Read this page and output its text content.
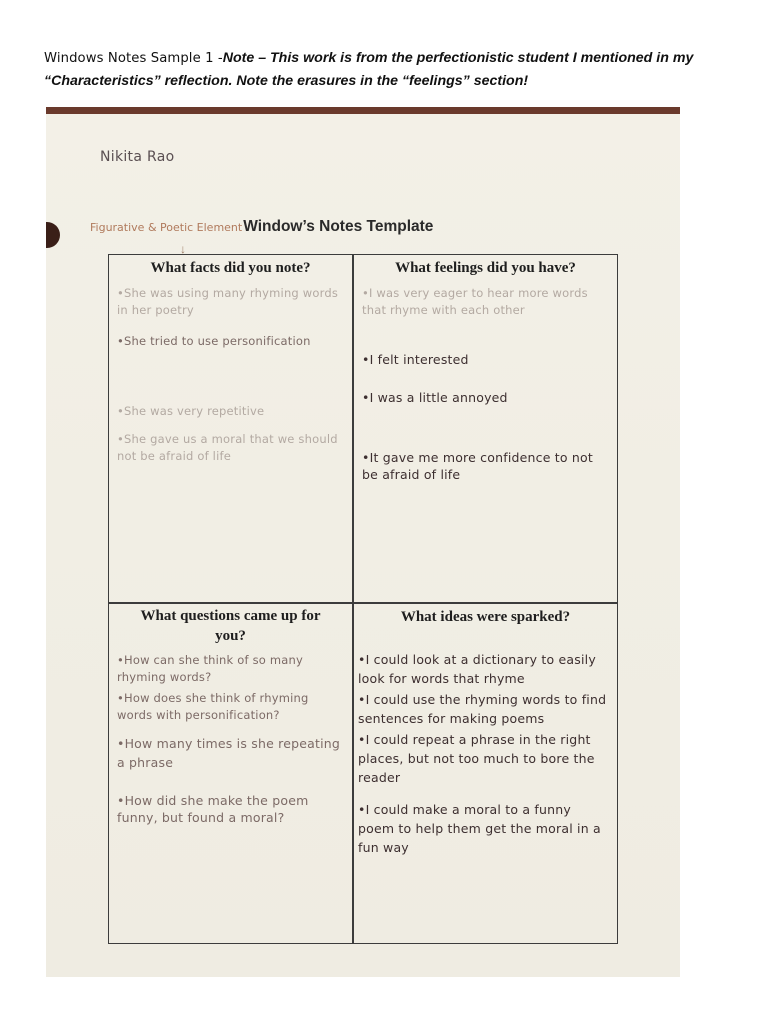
Windows Notes Sample 1 -Note – This work is from the perfectionistic student I mentioned in my “Characteristics” reflection. Note the erasures in the “feelings” section!
Nikita Rao
Figurative & Poetic ElementWindow’s Notes Template
↓
What facts did you note?
•She was using many rhyming words in her poetry
•She tried to use personification
•She was very repetitive
•She gave us a moral that we should not be afraid of life
What feelings did you have?
•I was very eager to hear more words that rhyme with each other
•I felt interested
•I was a little annoyed
•It gave me more confidence to not be afraid of life
What questions came up for you?
•How can she think of so many rhyming words?
•How does she think of rhyming words with personification?
•How many times is she repeating a phrase
•How did she make the poem funny, but found a moral?
What ideas were sparked?
•I could look at a dictionary to easily look for words that rhyme
•I could use the rhyming words to find sentences for making poems
•I could repeat a phrase in the right places, but not too much to bore the reader
•I could make a moral to a funny poem to help them get the moral in a fun way
